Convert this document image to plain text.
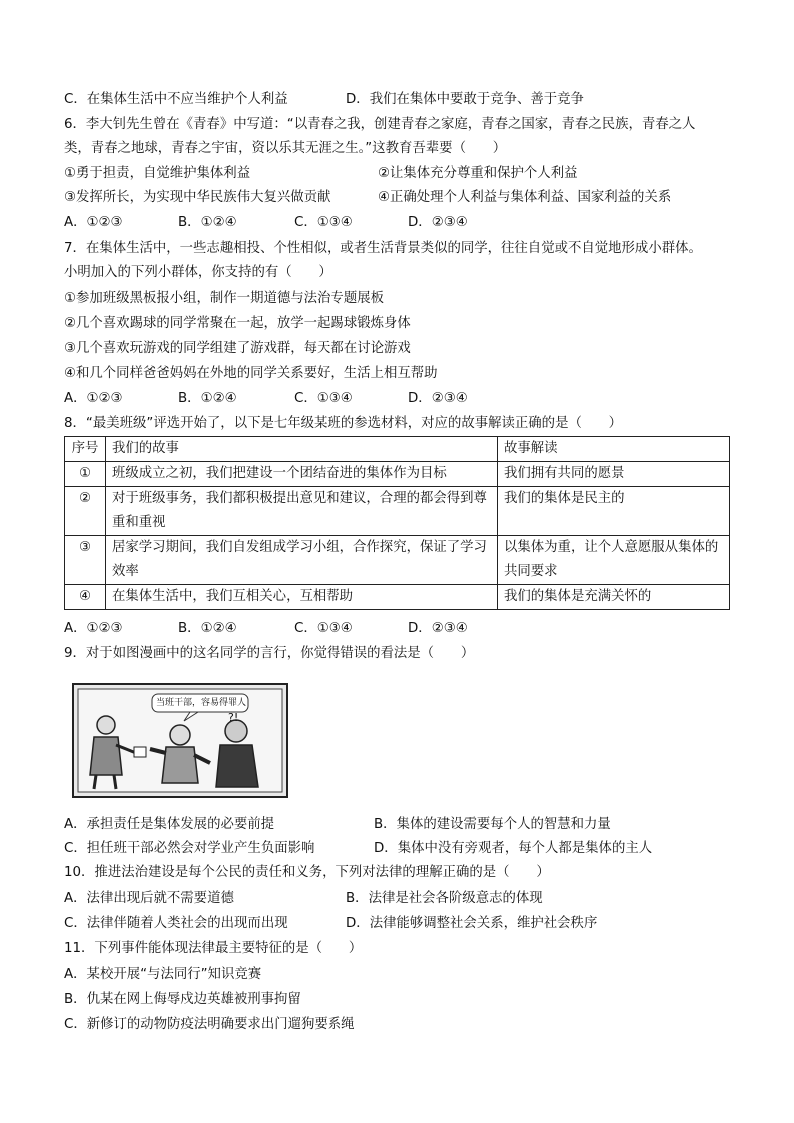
C．在集体生活中不应当维护个人利益	D．我们在集体中要敢于竞争、善于竞争
6．李大钊先生曾在《青春》中写道：“以青春之我，创建青春之家庭，青春之国家，青春之民族，青春之人
类，青春之地球，青春之宇宙，资以乐其无涯之生。”这教育吾辈要（　　）
①勇于担责，自觉维护集体利益	②让集体充分尊重和保护个人利益
③发挥所长，为实现中华民族伟大复兴做贡献	④正确处理个人利益与集体利益、国家利益的关系
A．①②③	B．①②④	C．①③④	D．②③④
7．在集体生活中，一些志趣相投、个性相似，或者生活背景类似的同学，往往自觉或不自觉地形成小群体。
小明加入的下列小群体，你支持的有（　　）
①参加班级黑板报小组，制作一期道德与法治专题展板
②几个喜欢踢球的同学常聚在一起，放学一起踢球锻炼身体
③几个喜欢玩游戏的同学组建了游戏群，每天都在讨论游戏
④和几个同样爸爸妈妈在外地的同学关系要好，生活上相互帮助
A．①②③	B．①②④	C．①③④	D．②③④
8．“最美班级”评选开始了，以下是七年级某班的参选材料，对应的故事解读正确的是（　　）
序号	我们的故事	故事解读
①	班级成立之初，我们把建设一个团结奋进的集体作为目标	我们拥有共同的愿景
②	对于班级事务，我们都积极提出意见和建议，合理的都会得到尊重和重视	我们的集体是民主的
③	居家学习期间，我们自发组成学习小组，合作探究，保证了学习效率	以集体为重，让个人意愿服从集体的共同要求
④	在集体生活中，我们互相关心，互相帮助	我们的集体是充满关怀的
A．①②③	B．①②④	C．①③④	D．②③④
9．对于如图漫画中的这名同学的言行，你觉得错误的看法是（　　）
?!
当班干部，容易得罪人
A．承担责任是集体发展的必要前提	B．集体的建设需要每个人的智慧和力量
C．担任班干部必然会对学业产生负面影响	D．集体中没有旁观者，每个人都是集体的主人
10．推进法治建设是每个公民的责任和义务，下列对法律的理解正确的是（　　）
A．法律出现后就不需要道德	B．法律是社会各阶级意志的体现
C．法律伴随着人类社会的出现而出现	D．法律能够调整社会关系，维护社会秩序
11．下列事件能体现法律最主要特征的是（　　）
A．某校开展“与法同行”知识竞赛
B．仇某在网上侮辱戍边英雄被刑事拘留
C．新修订的动物防疫法明确要求出门遛狗要系绳
